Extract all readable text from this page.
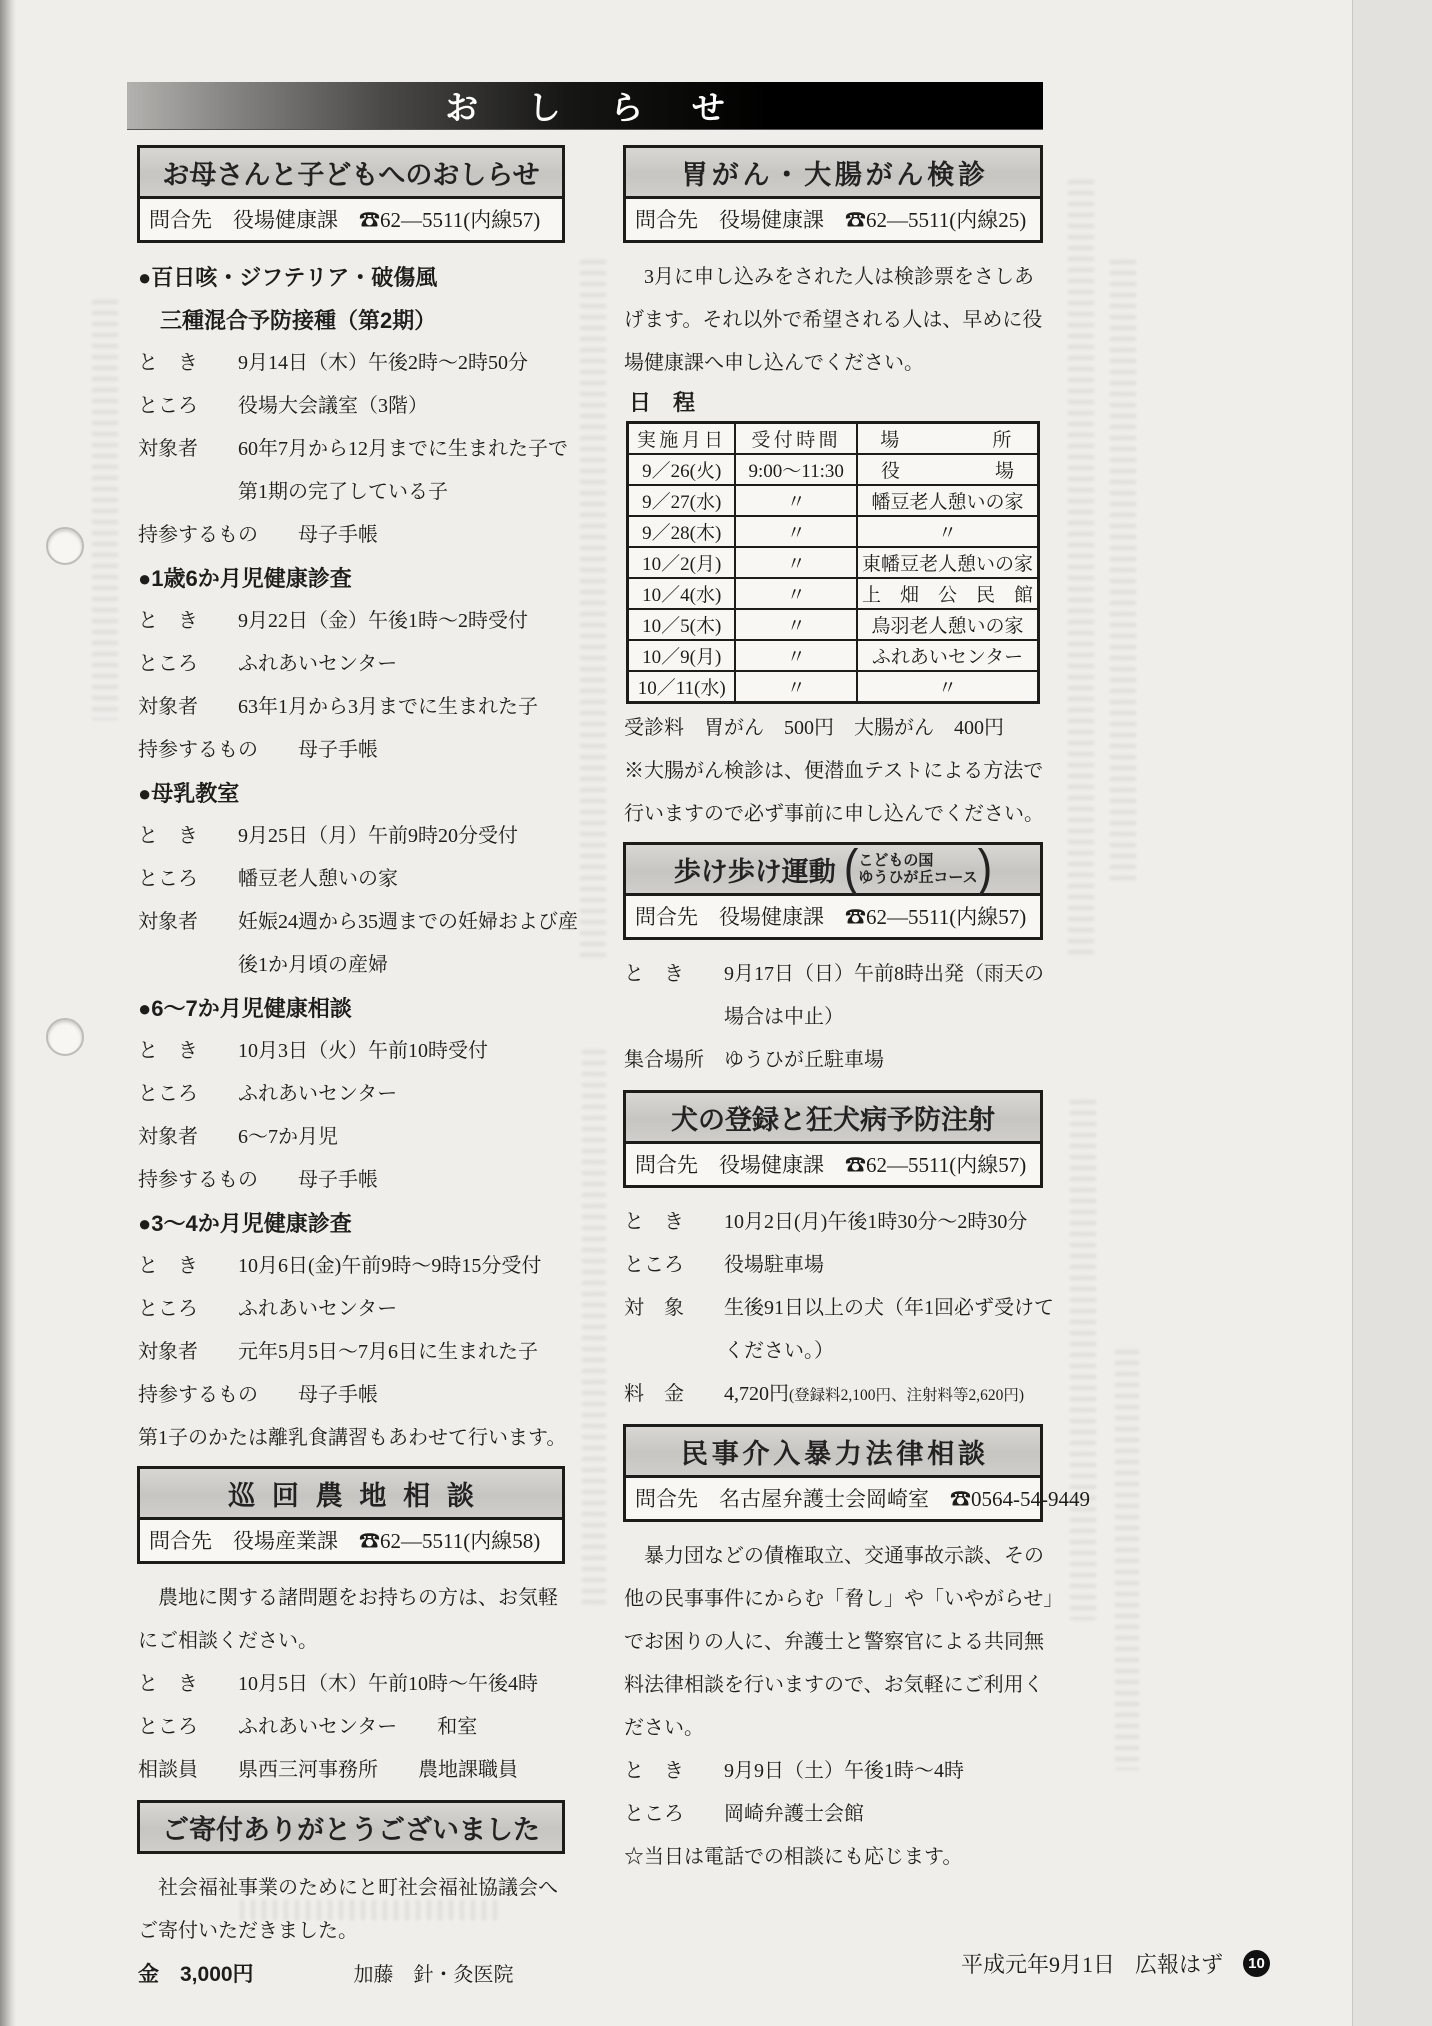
おしらせ
お母さんと子どもへのおしらせ
問合先　役場健康課　☎62—5511(内線57)
●百日咳・ジフテリア・破傷風
　三種混合予防接種（第2期）
と　き　　9月14日（木）午後2時～2時50分
ところ　　役場大会議室（3階）
対象者　　60年7月から12月までに生まれた子で
　　　　　第1期の完了している子
持参するもの　　母子手帳
●1歳6か月児健康診査
と　き　　9月22日（金）午後1時～2時受付
ところ　　ふれあいセンター
対象者　　63年1月から3月までに生まれた子
持参するもの　　母子手帳
●母乳教室
と　き　　9月25日（月）午前9時20分受付
ところ　　幡豆老人憩いの家
対象者　　妊娠24週から35週までの妊婦および産
　　　　　後1か月頃の産婦
●6～7か月児健康相談
と　き　　10月3日（火）午前10時受付
ところ　　ふれあいセンター
対象者　　6～7か月児
持参するもの　　母子手帳
●3～4か月児健康診査
と　き　　10月6日(金)午前9時～9時15分受付
ところ　　ふれあいセンター
対象者　　元年5月5日～7月6日に生まれた子
持参するもの　　母子手帳
第1子のかたは離乳食講習もあわせて行います。
巡回農地相談
問合先　役場産業課　☎62—5511(内線58)
　農地に関する諸問題をお持ちの方は、お気軽
にご相談ください。
と　き　　10月5日（木）午前10時～午後4時
ところ　　ふれあいセンター　　和室
相談員　　県西三河事務所　　農地課職員
ご寄付ありがとうございました
　社会福祉事業のためにと町社会福祉協議会へ
ご寄付いただきました。
金　3,000円　　　　　加藤　針・灸医院
胃がん・大腸がん検診
問合先　役場健康課　☎62—5511(内線25)
　3月に申し込みをされた人は検診票をさしあ
げます。それ以外で希望される人は、早めに役
場健康課へ申し込んでください。
日　程
実施月日	受付時間	場　　　　所
9／26(火)	9:00～11:30	役　　　　　場
9／27(水)	〃	幡豆老人憩いの家
9／28(木)	〃	〃
10／2(月)	〃	東幡豆老人憩いの家
10／4(水)	〃	上　畑　公　民　館
10／5(木)	〃	鳥羽老人憩いの家
10／9(月)	〃	ふれあいセンター
10／11(水)	〃	〃
受診料　胃がん　500円　大腸がん　400円
※大腸がん検診は、便潜血テストによる方法で
行いますので必ず事前に申し込んでください。
歩け歩け運動 ( こどもの国
ゆうひが丘コース )
問合先　役場健康課　☎62—5511(内線57)
と　き　　9月17日（日）午前8時出発（雨天の
　　　　　場合は中止）
集合場所　ゆうひが丘駐車場
犬の登録と狂犬病予防注射
問合先　役場健康課　☎62—5511(内線57)
と　き　　10月2日(月)午後1時30分～2時30分
ところ　　役場駐車場
対　象　　生後91日以上の犬（年1回必ず受けて
　　　　　ください。）
料　金　　4,720円(登録料2,100円、注射料等2,620円)
民事介入暴力法律相談
問合先　名古屋弁護士会岡崎室　☎0564-54-9449
　暴力団などの債権取立、交通事故示談、その
他の民事事件にからむ「脅し」や「いやがらせ」
でお困りの人に、弁護士と警察官による共同無
料法律相談を行いますので、お気軽にご利用く
ださい。
と　き　　9月9日（土）午後1時～4時
ところ　　岡崎弁護士会館
☆当日は電話での相談にも応じます。
平成元年9月1日 広報はず	10
